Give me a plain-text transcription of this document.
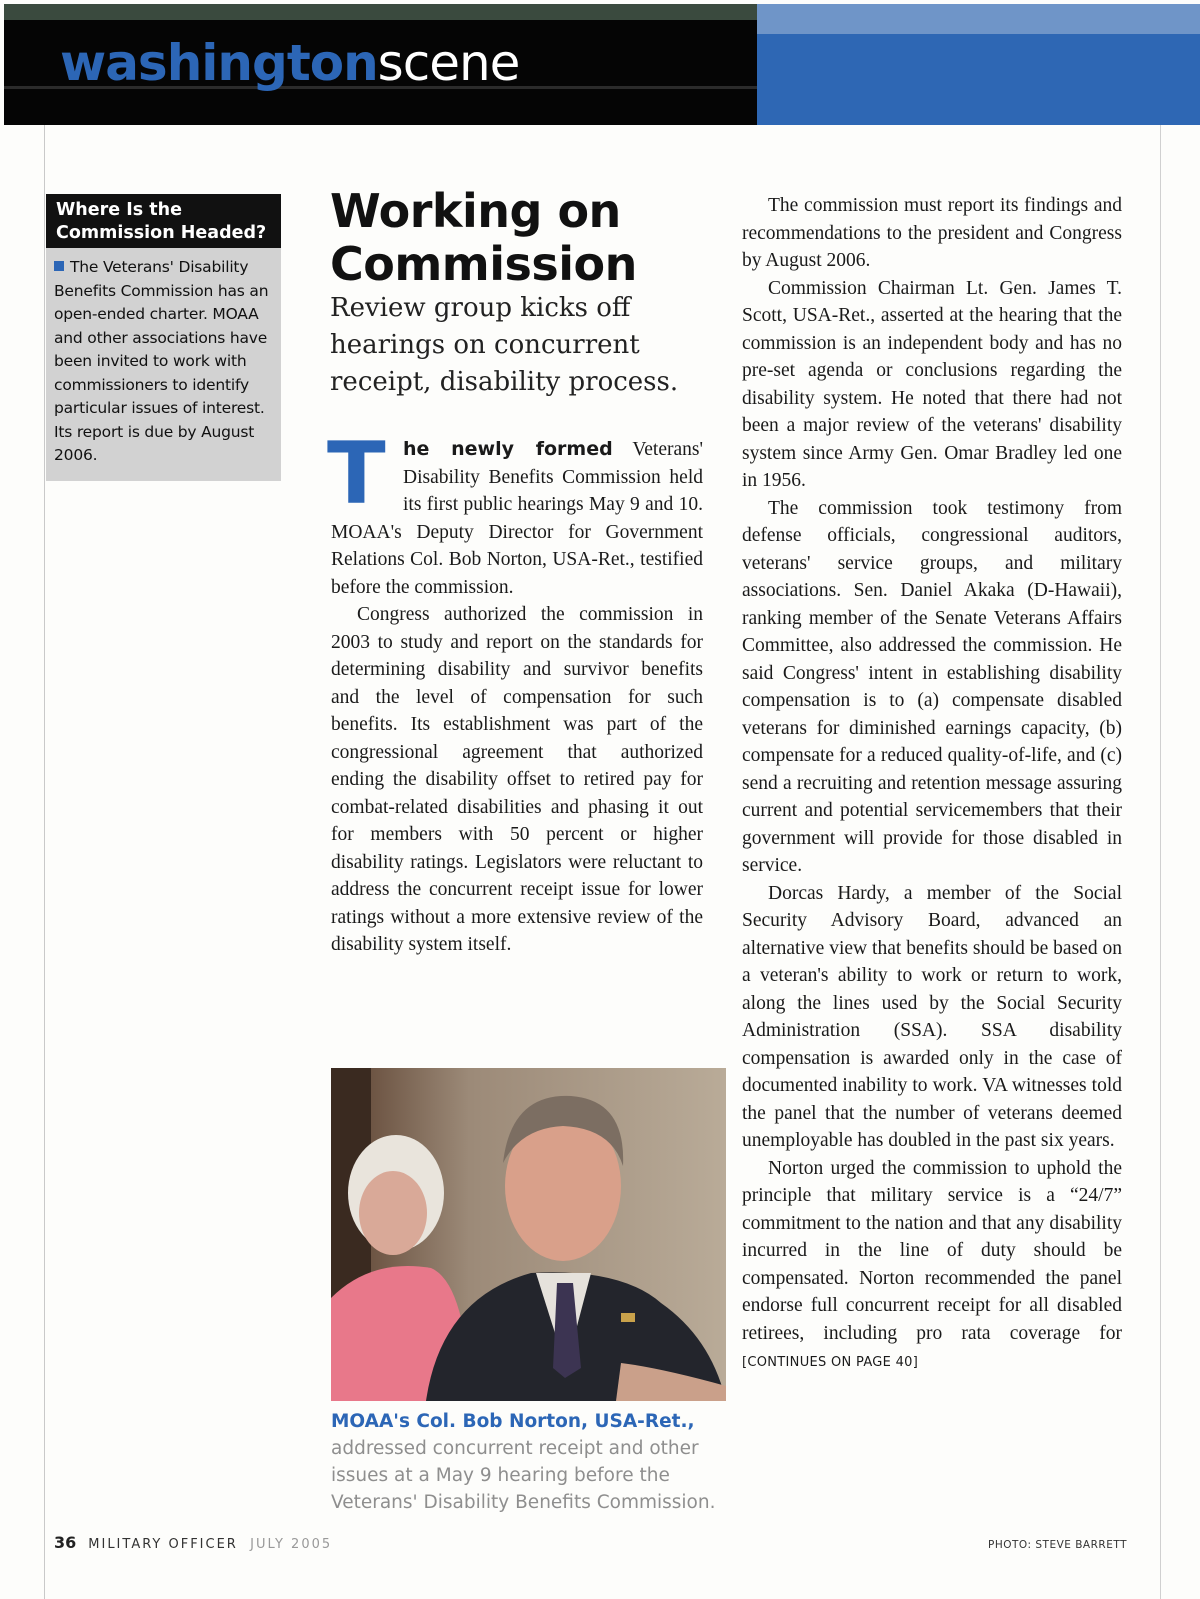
washingtonscene

The Veterans' Disability Benefits Commission has an open-ended charter. MOAA and other associations have been invited to work with commissioners to identify particular issues of interest. Its report is due by August 2006.

Where Is the Commission Headed? Working on Commission

Review group kicks off hearings on concurrent receipt, disability process.

T he newly formed Veterans' Disability Benefits Commission held its first public hearings May 9 and 10. MOAA's Deputy Director for Government Relations Col. Bob Norton, USA-Ret., testified before the commission.

Congress authorized the commission in 2003 to study and report on the standards for determining disability and survivor benefits and the level of compensation for such benefits. Its establishment was part of the congressional agreement that authorized ending the disability offset to retired pay for combat-related disabilities and phasing it out for members with 50 percent or higher disability ratings. Legislators were reluctant to address the concurrent receipt issue for lower ratings without a more extensive review of the disability system itself.

MOAA's Col. Bob Norton, USA-Ret., addressed concurrent receipt and other issues at a May 9 hearing before the Veterans' Disability Benefits Commission.

The commission must report its findings and recommendations to the president and Congress by August 2006.

Commission Chairman Lt. Gen. James T. Scott, USA-Ret., asserted at the hearing that the commission is an independent body and has no pre-set agenda or conclusions regarding the disability system. He noted that there had not been a major review of the veterans' disability system since Army Gen. Omar Bradley led one in 1956.

The commission took testimony from defense officials, congressional auditors, veterans' service groups, and military associations. Sen. Daniel Akaka (D-Hawaii), ranking member of the Senate Veterans Affairs Committee, also addressed the commission. He said Congress' intent in establishing disability compensation is to (a) compensate disabled veterans for diminished earnings capacity, (b) compensate for a reduced quality-of-life, and (c) send a recruiting and retention message assuring current and potential servicemembers that their government will provide for those disabled in service.

Dorcas Hardy, a member of the Social Security Advisory Board, advanced an alternative view that benefits should be based on a veteran's ability to work or return to work, along the lines used by the Social Security Administration (SSA). SSA disability compensation is awarded only in the case of documented inability to work. VA witnesses told the panel that the number of veterans deemed unemployable has doubled in the past six years.

Norton urged the commission to uphold the principle that military service is a “24/7” commitment to the nation and that any disability incurred in the line of duty should be compensated. Norton recommended the panel endorse full concurrent receipt for all disabled retirees, including pro rata coverage for [CONTINUES ON PAGE 40]

36 MILITARY OFFICER JULY 2005	PHOTO: STEVE BARRETT
